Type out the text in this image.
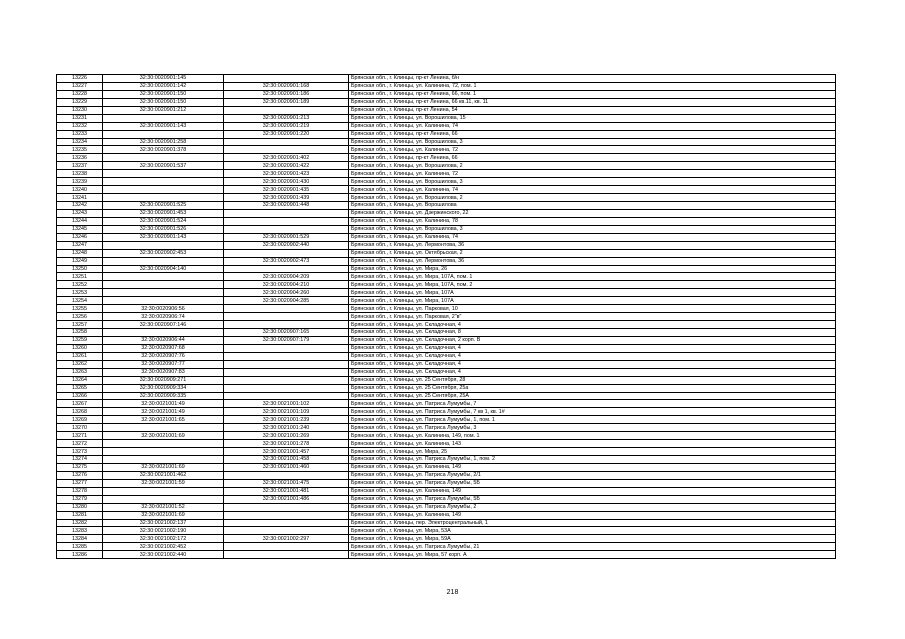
13226	32:30:0020901:145		Брянская обл., г. Клинцы, пр-кт Ленина, б/н
13227	32:30:0020901:142	32:30:0020901:168	Брянская обл., г. Клинцы, ул. Калинина, 72, пом. 1
13228	32:30:0020901:150	32:30:0020901:186	Брянская обл., г. Клинцы, пр-кт Ленина, 66, пом. 1
13229	32:30:0020901:150	32:30:0020901:189	Брянская обл., г. Клинцы, пр-кт Ленина, 66 кв.11, кв. 11
13230	32:30:0020901:212		Брянская обл., г. Клинцы, пр-кт Ленина, 54
13231		32:30:0020901:213	Брянская обл., г. Клинцы, ул. Ворошилова, 15
13232	32:30:0020901:143	32:30:0020901:219	Брянская обл., г. Клинцы, ул. Калинина, 74
13233		32:30:0020901:220	Брянская обл., г. Клинцы, пр-кт Ленина, 66
13234	32:30:0020901:258		Брянская обл., г. Клинцы, ул. Ворошилова, 3
13235	32:30:0020901:378		Брянская обл., г. Клинцы, ул. Калинина, 72
13236		32:30:0020901:402	Брянская обл., г. Клинцы, пр-кт Ленина, 66
13237	32:30:0020901:537	32:30:0020901:422	Брянская обл., г. Клинцы, ул. Ворошилова, 2
13238		32:30:0020901:423	Брянская обл., г. Клинцы, ул. Калинина, 72
13239		32:30:0020901:430	Брянская обл., г. Клинцы, ул. Ворошилова, 3
13240		32:30:0020901:435	Брянская обл., г. Клинцы, ул. Калинина, 74
13241		32:30:0020901:439	Брянская обл., г. Клинцы, ул. Ворошилова, 2
13242	32:30:0020901:525	32:30:0020901:448	Брянская обл., г. Клинцы, ул. Ворошилова
13243	32:30:0020901:453		Брянская обл., г. Клинцы, ул. Дзержинского, 22
13244	32:30:0020901:524		Брянская обл., г. Клинцы, ул. Калинина, 78
13245	32:30:0020901:526		Брянская обл., г. Клинцы, ул. Ворошилова, 3
13246	32:30:0020901:143	32:30:0020901:529	Брянская обл., г. Клинцы, ул. Калинина, 74
13247		32:30:0020902:440	Брянская обл., г. Клинцы, ул. Лермонтова, 36
13248	32:30:0020902:453		Брянская обл., г. Клинцы, ул. Октябрьская, 2
13249		32:30:0020902:473	Брянская обл., г. Клинцы, ул. Лермонтова, 36
13250	32:30:0020904:140		Брянская обл., г. Клинцы, ул. Мира, 26
13251		32:30:0020904:209	Брянская обл., г. Клинцы, ул. Мира, 107А, пом. 1
13252		32:30:0020904:210	Брянская обл., г. Клинцы, ул. Мира, 107А, пом. 2
13253		32:30:0020904:260	Брянская обл., г. Клинцы, ул. Мира, 107А
13254		32:30:0020904:285	Брянская обл., г. Клинцы, ул. Мира, 107А
13255	32:30:0020906:56		Брянская обл., г. Клинцы, ул. Парковая, 10
13256	32:30:0020906:74		Брянская обл., г. Клинцы, ул. Парковая, 2"в"
13257	32:30:0020907:146		Брянская обл., г. Клинцы, ул. Складочная, 4
13258		32:30:0020907:165	Брянская обл., г. Клинцы, ул. Складочная, 8
13259	32:30:0020906:44	32:30:0020907:179	Брянская обл., г. Клинцы, ул. Складочная, 2 корп. В
13260	32:30:0020907:68		Брянская обл., г. Клинцы, ул. Складочная, 4
13261	32:30:0020907:76		Брянская обл., г. Клинцы, ул. Складочная, 4
13262	32:30:0020907:77		Брянская обл., г. Клинцы, ул. Складочная, 4
13263	32:30:0020907:83		Брянская обл., г. Клинцы, ул. Складочная, 4
13264	32:30:0020909:271		Брянская обл., г. Клинцы, ул. 25 Сентября, 28
13265	32:30:0020909:334		Брянская обл., г. Клинцы, ул. 25 Сентября, 25а
13266	32:30:0020909:335		Брянская обл., г. Клинцы, ул. 25 Сентября, 25А
13267	32:30:0021001:49	32:30:0021001:102	Брянская обл., г. Клинцы, ул. Патриса Лумумбы, 7
13268	32:30:0021001:49	32:30:0021001:109	Брянская обл., г. Клинцы, ул. Патриса Лумумбы, 7 кв 1, кв. 1#
13269	32:30:0021001:65	32:30:0021001:239	Брянская обл., г. Клинцы, ул. Патриса Лумумбы, 1, пом. 1
13270		32:30:0021001:240	Брянская обл., г. Клинцы, ул. Патриса Лумумбы, 3
13271	32:30:0021001:69	32:30:0021001:269	Брянская обл., г. Клинцы, ул. Калинина, 149, пом. 1
13272		32:30:0021001:278	Брянская обл., г. Клинцы, ул. Калинина, 143
13273		32:30:0021001:457	Брянская обл., г. Клинцы, ул. Мира, 25
13274		32:30:0021001:458	Брянская обл., г. Клинцы, ул. Патриса Лумумбы, 1, пом. 2
13275	32:30:0021001:69	32:30:0021001:460	Брянская обл., г. Клинцы, ул. Калинина, 149
13276	32:30:0021001:462		Брянская обл., г. Клинцы, ул. Патриса Лумумбы, 2/1
13277	32:30:0021001:59	32:30:0021001:475	Брянская обл., г. Клинцы, ул. Патриса Лумумбы, 5Б
13278		32:30:0021001:481	Брянская обл., г. Клинцы, ул. Калинина, 149
13279		32:30:0021001:486	Брянская обл., г. Клинцы, ул. Патриса Лумумбы, 5Б
13280	32:30:0021001:52		Брянская обл., г. Клинцы, ул. Патриса Лумумбы, 2
13281	32:30:0021001:69		Брянская обл., г. Клинцы, ул. Калинина, 149
13282	32:30:0021002:137		Брянская обл., г. Клинцы, пер. Электроцентральный, 1
13283	32:30:0021002:190		Брянская обл., г. Клинцы, ул. Мира, 53А
13284	32:30:0021002:172	32:30:0021002:297	Брянская обл., г. Клинцы, ул. Мира, 59А
13285	32:30:0021002:452		Брянская обл., г. Клинцы, ул. Патриса Лумумбы, 21
13286	32:30:0021002:440		Брянская обл., г. Клинцы, ул. Мира, 57 корп. А
218
